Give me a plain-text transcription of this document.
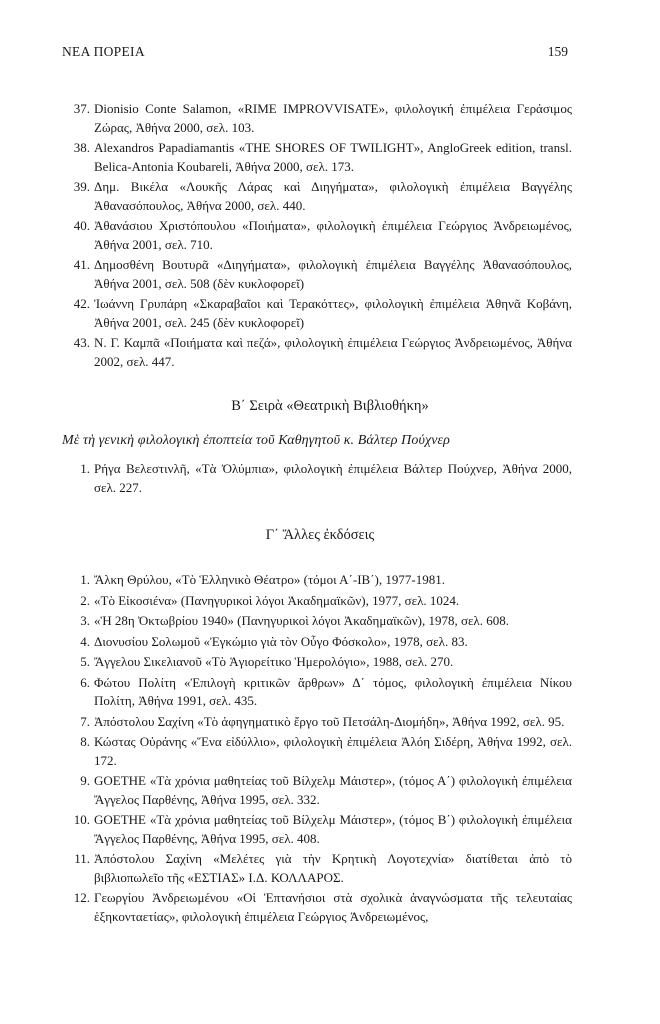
ΝΕΑ ΠΟΡΕΙΑ	159
37. Dionisio Conte Salamon, «RIME IMPROVVISATE», φιλολογική ἐπιμέλεια Γεράσιμος Ζώρας, Ἀθήνα 2000, σελ. 103.
38. Alexandros Papadiamantis «THE SHORES OF TWILIGHT», AngloGreek edition, transl. Belica-Antonia Koubareli, Ἀθήνα 2000, σελ. 173.
39. Δημ. Βικέλα «Λουκῆς Λάρας καὶ Διηγήματα», φιλολογικὴ ἐπιμέλεια Βαγγέλης Ἀθανασόπουλος, Ἀθήνα 2000, σελ. 440.
40. Ἀθανάσιου Χριστόπουλου «Ποιήματα», φιλολογικὴ ἐπιμέλεια Γεώργιος Ἀνδρειωμένος, Ἀθήνα 2001, σελ. 710.
41. Δημοσθένη Βουτυρᾶ «Διηγήματα», φιλολογικὴ ἐπιμέλεια Βαγγέλης Ἀθανασόπουλος, Ἀθήνα 2001, σελ. 508 (δὲν κυκλοφορεῖ)
42. Ἰωάννη Γρυπάρη «Σκαραβαῖοι καὶ Τερακόττες», φιλολογικὴ ἐπιμέλεια Ἀθηνᾶ Κοβάνη, Ἀθήνα 2001, σελ. 245 (δὲν κυκλοφορεῖ)
43. Ν. Γ. Καμπᾶ «Ποιήματα καὶ πεζά», φιλολογικὴ ἐπιμέλεια Γεώργιος Ἀνδρειωμένος, Ἀθήνα 2002, σελ. 447.
Β΄ Σειρὰ «Θεατρικὴ Βιβλιοθήκη»
Μὲ τὴ γενικὴ φιλολογικὴ ἐποπτεία τοῦ Καθηγητοῦ κ. Βάλτερ Πούχνερ
1. Ρήγα Βελεστινλῆ, «Τὰ Ὀλύμπια», φιλολογικὴ ἐπιμέλεια Βάλτερ Πούχνερ, Ἀθήνα 2000, σελ. 227.
Γ΄ Ἄλλες ἐκδόσεις
1. Ἄλκη Θρύλου, «Τὸ Ἑλληνικὸ Θέατρο» (τόμοι Α΄-ΙΒ΄), 1977-1981.
2. «Τὸ Εἰκοσιένα» (Πανηγυρικοὶ λόγοι Ἀκαδημαϊκῶν), 1977, σελ. 1024.
3. «Ἡ 28η Ὀκτωβρίου 1940» (Πανηγυρικοὶ λόγοι Ἀκαδημαϊκῶν), 1978, σελ. 608.
4. Διονυσίου Σολωμοῦ «Ἐγκώμιο γιὰ τὸν Οὖγο Φόσκολο», 1978, σελ. 83.
5. Ἄγγελου Σικελιανοῦ «Τὸ Ἁγιορείτικο Ἡμερολόγιο», 1988, σελ. 270.
6. Φώτου Πολίτη «Ἐπιλογὴ κριτικῶν ἄρθρων» Δ΄ τόμος, φιλολογικὴ ἐπιμέλεια Νίκου Πολίτη, Ἀθήνα 1991, σελ. 435.
7. Ἀπόστολου Σαχίνη «Τὸ ἀφηγηματικὸ ἔργο τοῦ Πετσάλη-Διομήδη», Ἀθήνα 1992, σελ. 95.
8. Κώστας Οὐράνης «Ἕνα εἰδύλλιο», φιλολογικὴ ἐπιμέλεια Ἀλόη Σιδέρη, Ἀθήνα 1992, σελ. 172.
9. GOETHE «Τὰ χρόνια μαθητείας τοῦ Βίλχελμ Μάιστερ», (τόμος Α΄) φιλολογικὴ ἐπιμέλεια Ἄγγελος Παρθένης, Ἀθήνα 1995, σελ. 332.
10. GOETHE «Τὰ χρόνια μαθητείας τοῦ Βίλχελμ Μάιστερ», (τόμος Β΄) φιλολογικὴ ἐπιμέλεια Ἄγγελος Παρθένης, Ἀθήνα 1995, σελ. 408.
11. Ἀπόστολου Σαχίνη «Μελέτες γιὰ τὴν Κρητικὴ Λογοτεχνία» διατίθεται ἀπὸ τὸ βιβλιοπωλεῖο τῆς «ΕΣΤΙΑΣ» Ι.Δ. ΚΟΛΛΑΡΟΣ.
12. Γεωργίου Ἀνδρειωμένου «Οἱ Ἑπτανήσιοι στὰ σχολικὰ ἀναγνώσματα τῆς τελευταίας ἑξηκονταετίας», φιλολογικὴ ἐπιμέλεια Γεώργιος Ἀνδρειωμένος,
